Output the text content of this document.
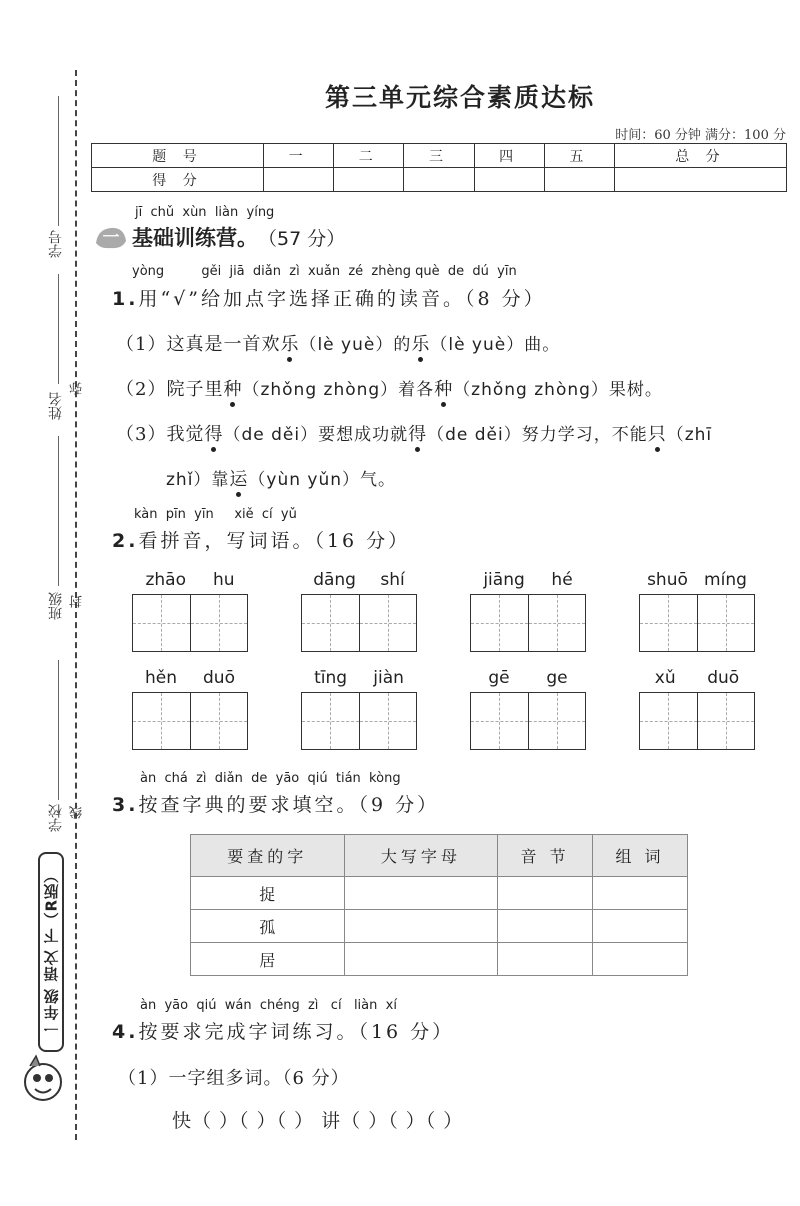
学号
姓名
弥
班级 封
学校 线
一年级 语文 下（R版）
第三单元综合素质达标
时间：60 分钟 满分：100 分
题 号	一	二	三	四	五	总 分
得 分						
jī  chǔ  xùn  liàn  yíng
一 基础训练营。 （57 分）
yòng         gěi  jiā  diǎn  zì  xuǎn  zé  zhèng què  de  dú  yīn
1.用“√”给加点字选择正确的读音。（8 分）
（1）这真是一首欢乐（lè yuè）的乐（lè yuè）曲。
（2）院子里种（zhǒng zhòng）着各种（zhǒng zhòng）果树。
（3）我觉得（de děi）要想成功就得（de děi）努力学习，不能只（zhī
zhǐ）靠运（yùn yǔn）气。
kàn  pīn  yīn     xiě  cí  yǔ
2.看拼音，写词语。（16 分）
zhāo hu	dāng shí	jiāng hé	shuō míng
hěn duō	tīng jiàn	gē ge	xǔ duō
àn  chá  zì  diǎn  de  yāo  qiú  tián  kòng
3.按查字典的要求填空。（9 分）
要查的字	大写字母	音 节	组 词
捉			
孤			
居			
àn  yāo  qiú  wán  chéng  zì   cí   liàn  xí
4.按要求完成字词练习。（16 分）
（1）一字组多词。（6 分）
快（ ）（ ）（ ） 讲（ ）（ ）（ ）
